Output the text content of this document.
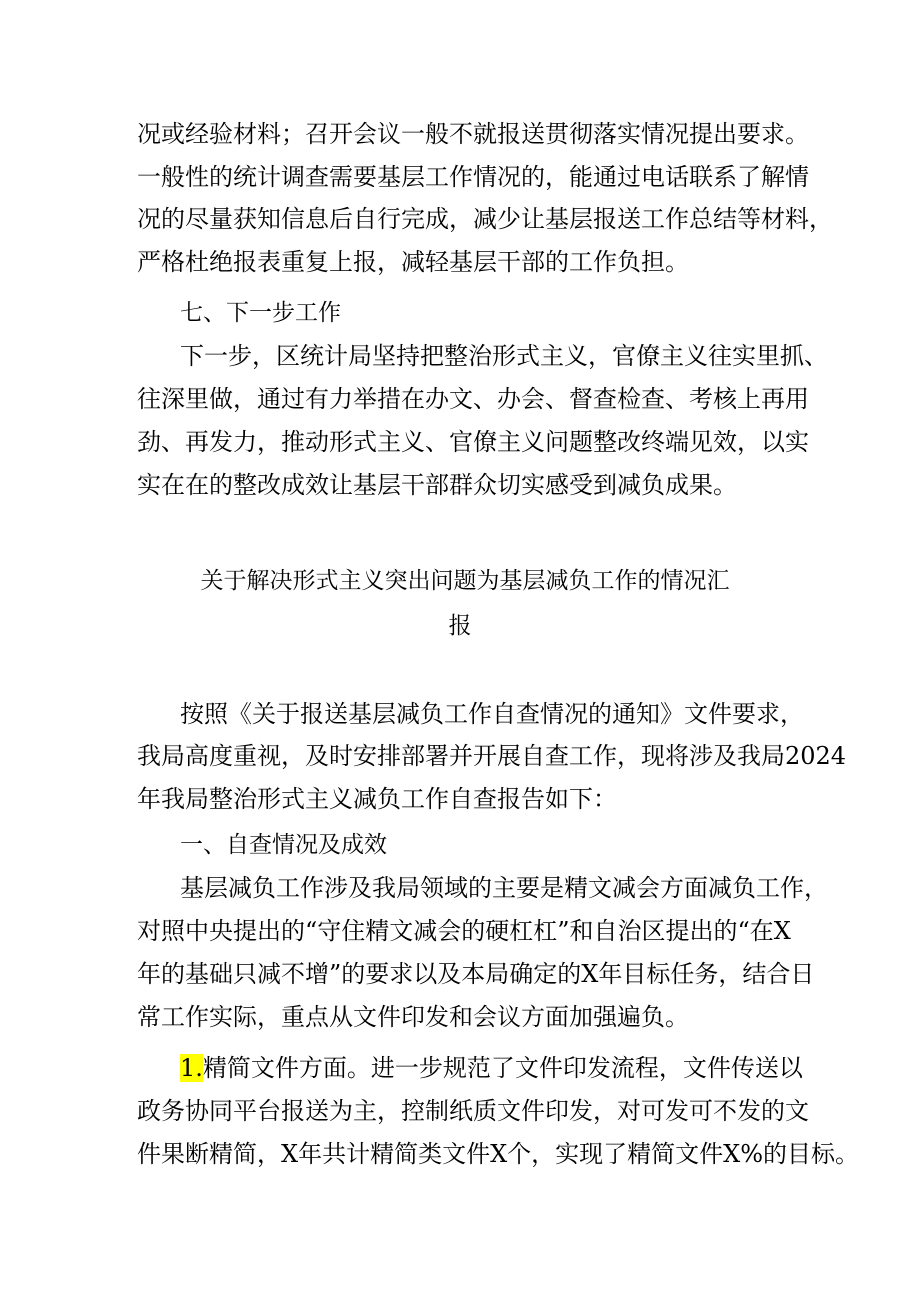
况或经验材料；召开会议一般不就报送贯彻落实情况提出要求。
一般性的统计调查需要基层工作情况的，能通过电话联系了解情
况的尽量获知信息后自行完成，减少让基层报送工作总结等材料，
严格杜绝报表重复上报，减轻基层干部的工作负担。
七、下一步工作
下一步，区统计局坚持把整治形式主义，官僚主义往实里抓、
往深里做，通过有力举措在办文、办会、督查检查、考核上再用
劲、再发力，推动形式主义、官僚主义问题整改终端见效，以实
实在在的整改成效让基层干部群众切实感受到减负成果。
关于解决形式主义突出问题为基层减负工作的情况汇
报
按照《关于报送基层减负工作自查情况的通知》文件要求，
我局高度重视，及时安排部署并开展自查工作，现将涉及我局2024
年我局整治形式主义减负工作自查报告如下：
一、自查情况及成效
基层减负工作涉及我局领域的主要是精文减会方面减负工作，
对照中央提出的“守住精文减会的硬杠杠”和自治区提出的“在X
年的基础只减不增”的要求以及本局确定的X年目标任务，结合日
常工作实际，重点从文件印发和会议方面加强遍负。
1.精简文件方面。进一步规范了文件印发流程，文件传送以
政务协同平台报送为主，控制纸质文件印发，对可发可不发的文
件果断精简，X年共计精简类文件X个，实现了精简文件X%的目标。
